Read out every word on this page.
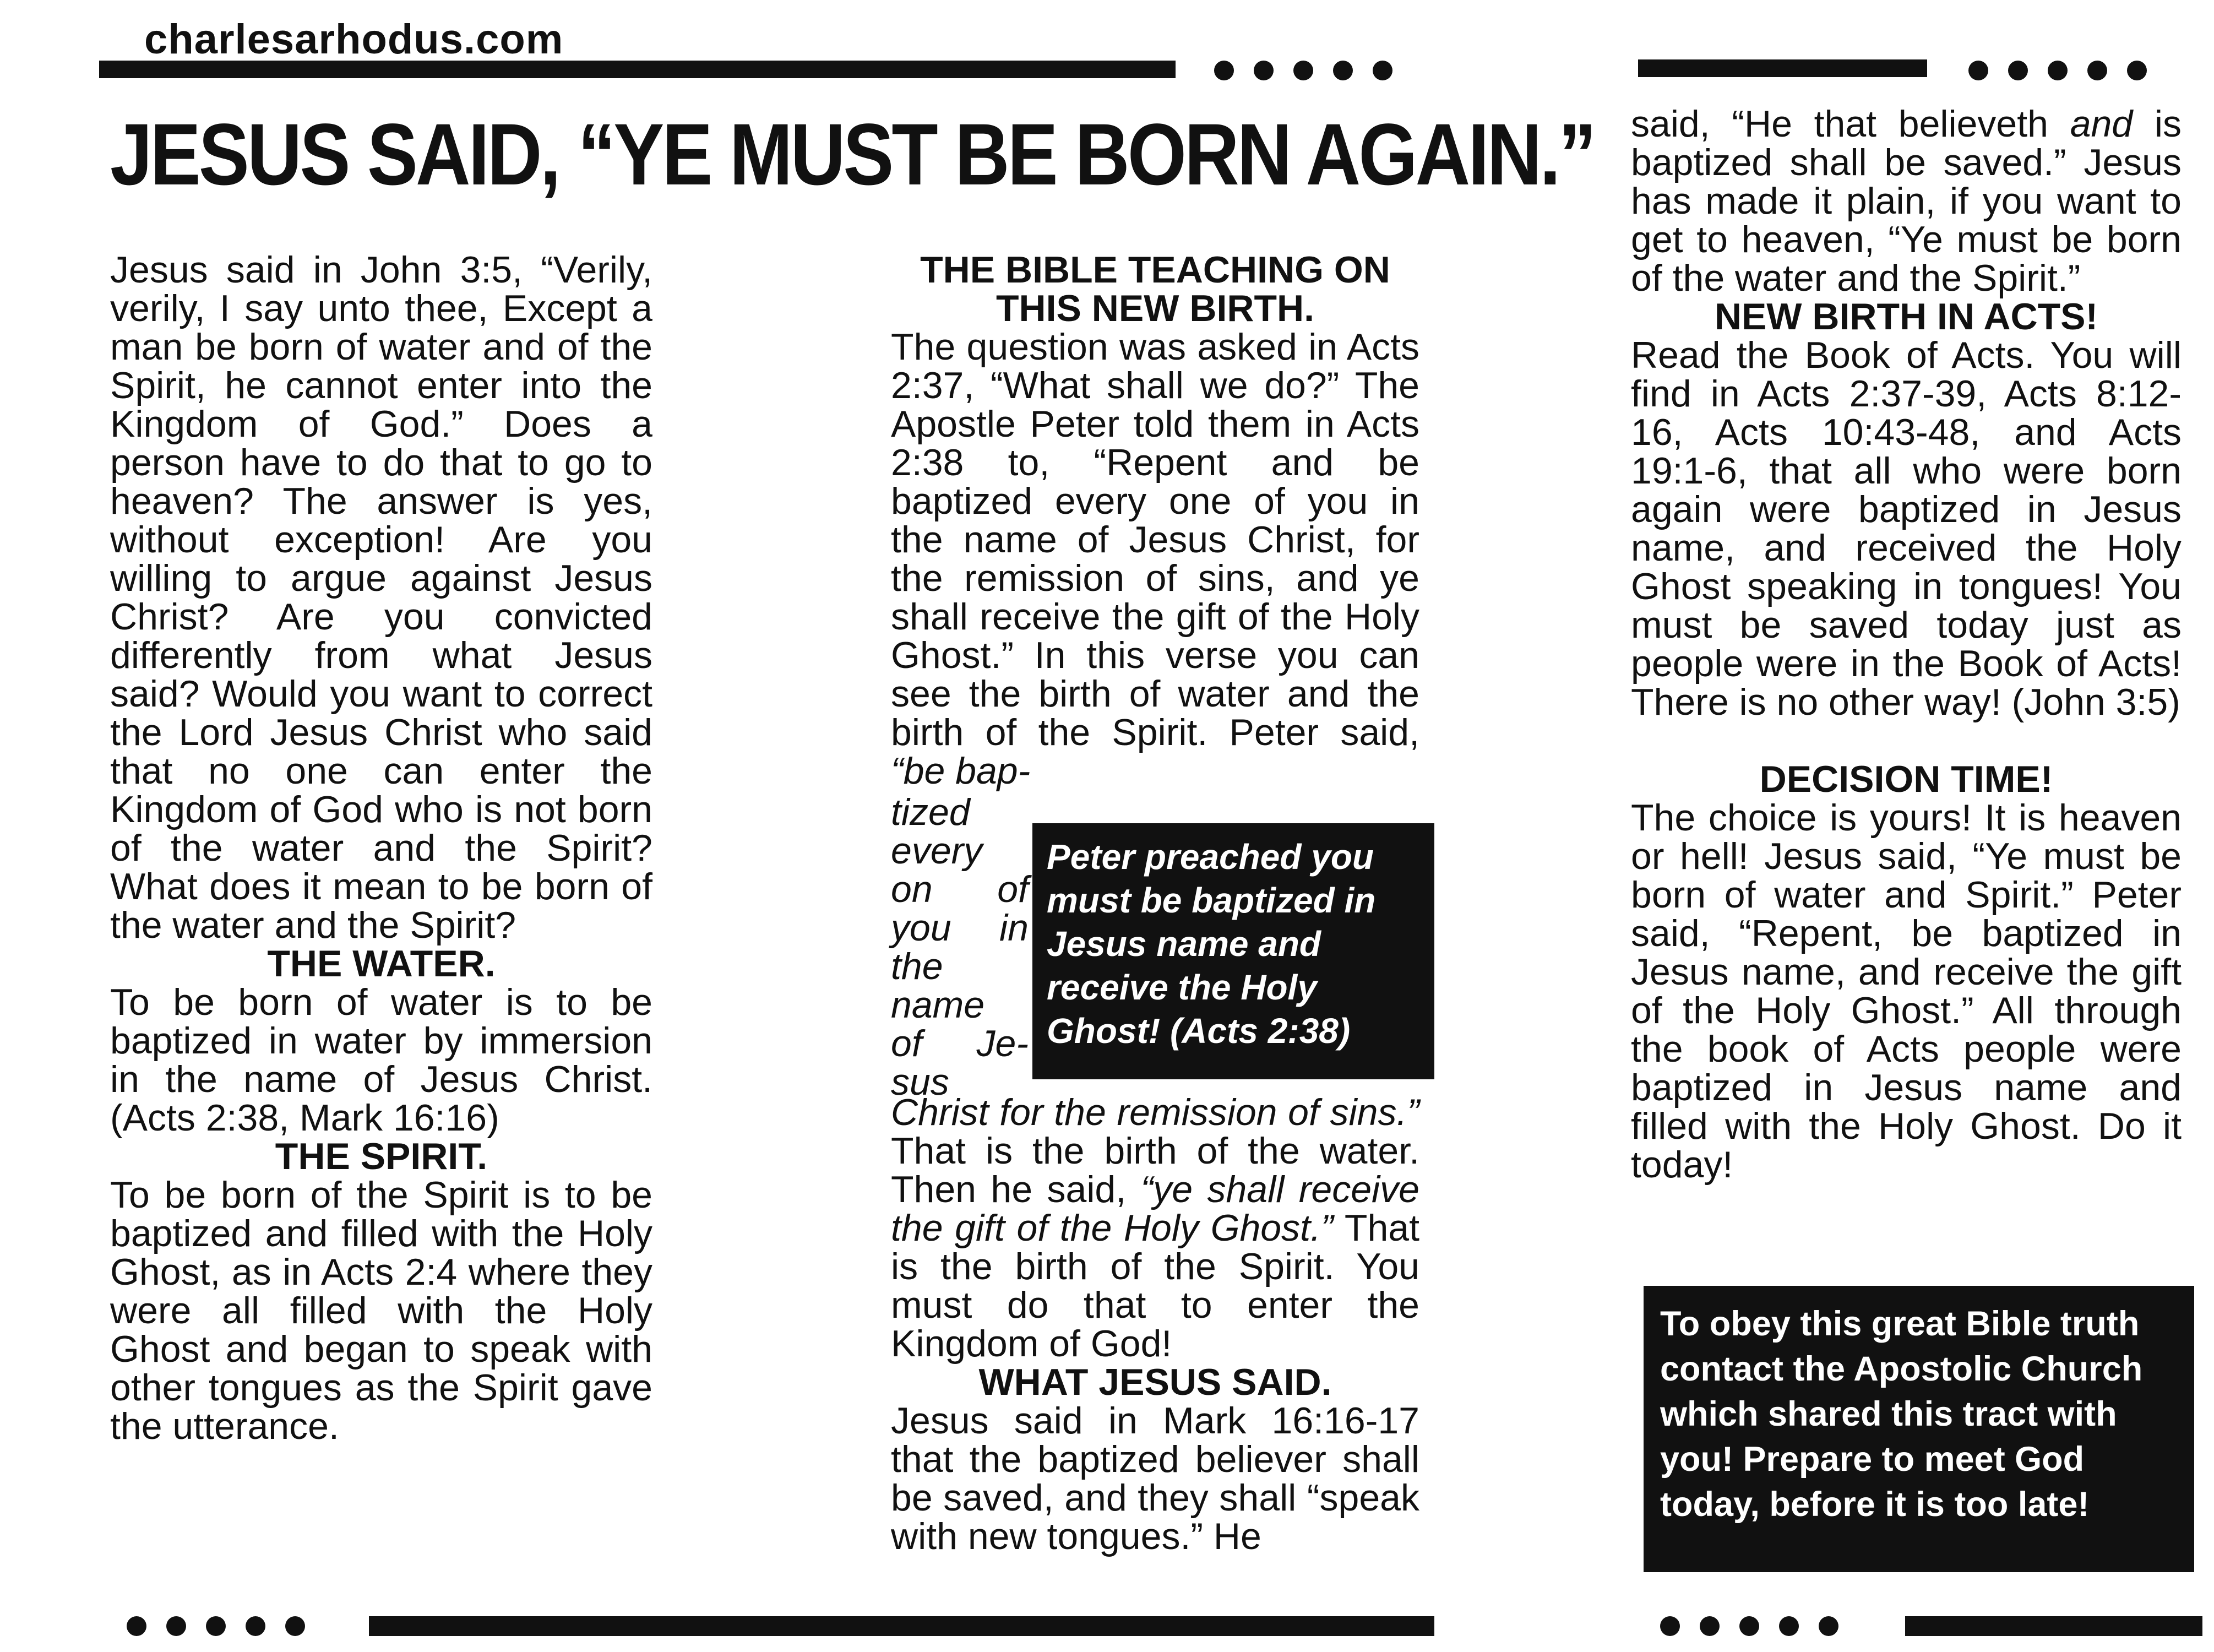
charlesarhodus.com
JESUS SAID, “YE MUST BE BORN AGAIN.”

Jesus said in John 3:5, “Verily, verily, I say unto thee, Except a man be born of water and of the Spirit, he cannot enter into the Kingdom of God.” Does a person have to do that to go to heaven? The answer is yes, without exception! Are you willing to argue against Jesus Christ? Are you convicted differently from what Jesus said? Would you want to correct the Lord Jesus Christ who said that no one can enter the Kingdom of God who is not born of the water and the Spirit? What does it mean to be born of the water and the Spirit?

THE WATER.

To be born of water is to be baptized in water by immersion in the name of Jesus Christ. (Acts 2:38, Mark 16:16)

THE SPIRIT.

To be born of the Spirit is to be baptized and filled with the Holy Ghost, as in Acts 2:4 where they were all filled with the Holy Ghost and began to speak with other tongues as the Spirit gave the utterance.

THE BIBLE TEACHING ON
THIS NEW BIRTH.

The question was asked in Acts 2:37, “What shall we do?” The Apostle Peter told them in Acts 2:38 to, “Repent and be baptized every one of you in the name of Jesus Christ, for the remission of sins, and ye shall receive the gift of the Holy Ghost.” In this verse you can see the birth of water and the birth of the Spirit. Peter said, “be bap-

tized
every
on of
you in
the
name
of Je-
sus
Peter preached you must be baptized in Jesus name and receive the Holy Ghost! (Acts 2:38)

Christ for the remission of sins.” That is the birth of the water. Then he said, “ye shall receive the gift of the Holy Ghost.” That is the birth of the Spirit. You must do that to enter the Kingdom of God!

WHAT JESUS SAID.

Jesus said in Mark 16:16-17 that the baptized believer shall be saved, and they shall “speak with new tongues.” He

said, “He that believeth and is baptized shall be saved.” Jesus has made it plain, if you want to get to heaven, “Ye must be born of the water and the Spirit.”

NEW BIRTH IN ACTS!

Read the Book of Acts. You will find in Acts 2:37-39, Acts 8:12-16, Acts 10:43-48, and Acts 19:1-6, that all who were born again were baptized in Jesus name, and received the Holy Ghost speaking in tongues! You must be saved today just as people were in the Book of Acts! There is no other way! (John 3:5)

DECISION TIME!

The choice is yours! It is heaven or hell! Jesus said, “Ye must be born of water and Spirit.” Peter said, “Repent, be baptized in Jesus name, and receive the gift of the Holy Ghost.” All through the book of Acts people were baptized in Jesus name and filled with the Holy Ghost. Do it today!

To obey this great Bible truth contact the Apostolic Church which shared this tract with you! Prepare to meet God today, before it is too late!
